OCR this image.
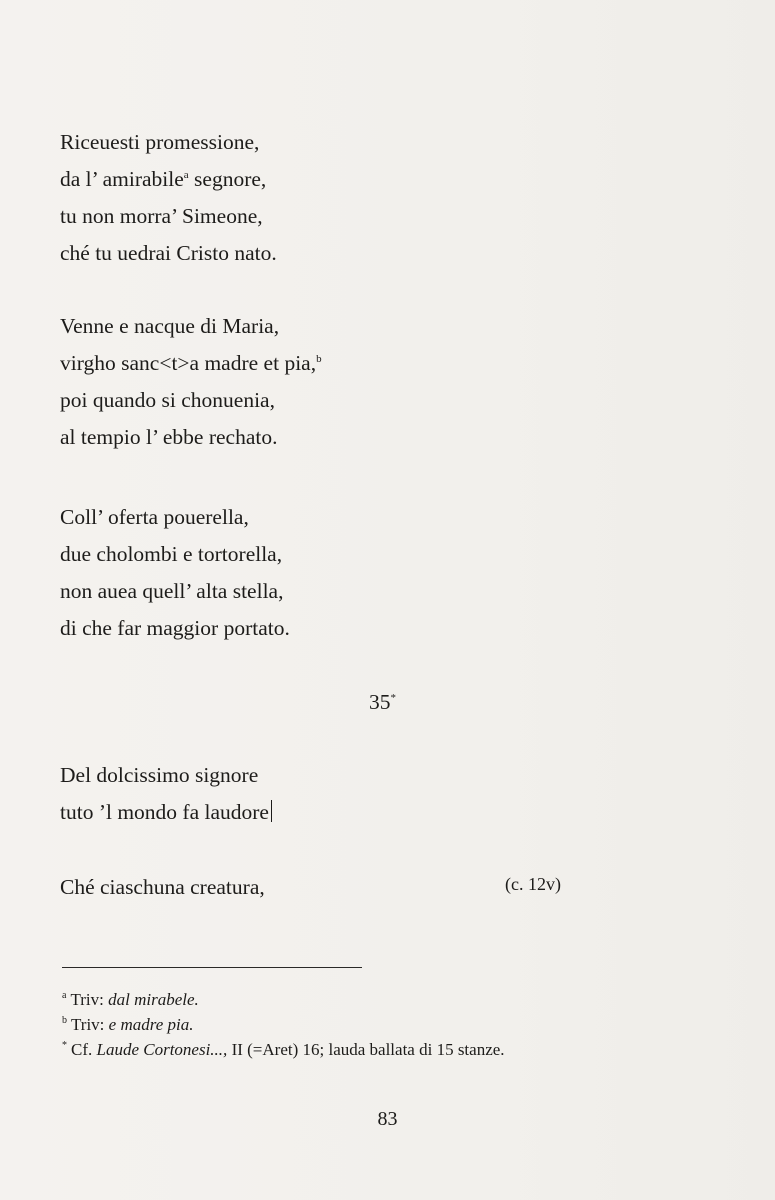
Riceuesti promessione,
da l’ amirabile$^a$ segnore,
tu non morra’ Simeone,
ché tu uedrai Cristo nato.
Venne e nacque di Maria,
virgho sanc<t>a madre et pia,$^b$
poi quando si chonuenia,
al tempio l’ ebbe rechato.
Coll’ oferta pouerella,
due cholombi e tortorella,
non auea quell’ alta stella,
di che far maggior portato.
35*
Del dolcissimo signore
tuto ’l mondo fa laudore
Ché ciaschuna creatura,	(c. 12v)
$^a$ Triv: dal mirabele.
$^b$ Triv: e madre pia.
* Cf. Laude Cortonesi..., II (=Aret) 16; lauda ballata di 15 stanze.
83
